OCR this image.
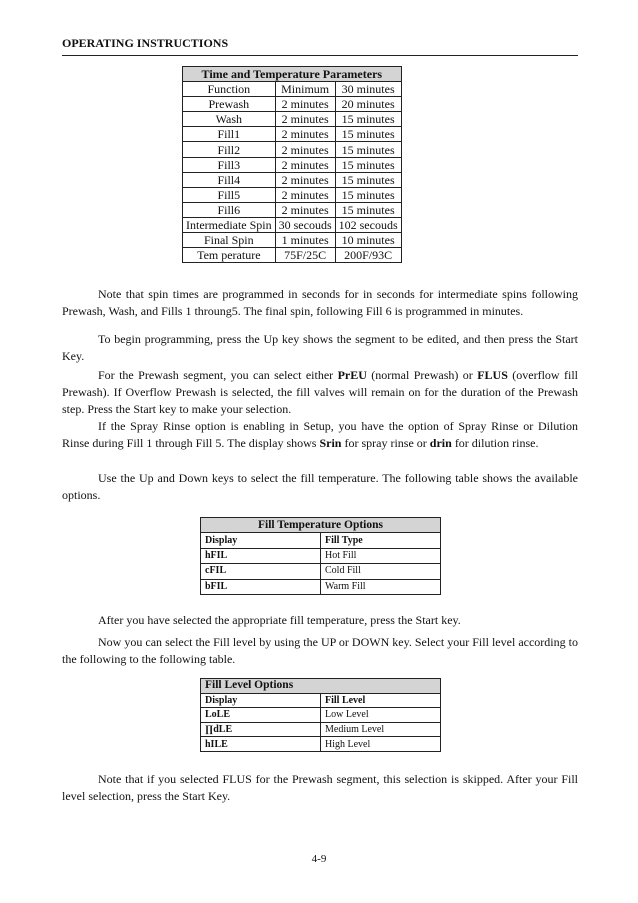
OPERATING INSTRUCTIONS
Time and Temperature Parameters		
Function	Minimum	30 minutes
Prewash	2 minutes	20 minutes
Wash	2 minutes	15 minutes
Fill1	2 minutes	15 minutes
Fill2	2 minutes	15 minutes
Fill3	2 minutes	15 minutes
Fill4	2 minutes	15 minutes
Fill5	2 minutes	15 minutes
Fill6	2 minutes	15 minutes
Intermediate Spin	30 secouds	102 secouds
Final Spin	1 minutes	10 minutes
Tem perature	75F/25C	200F/93C

Note that spin times are programmed in seconds for in seconds for intermediate spins following Prewash, Wash, and Fills 1 throung5. The final spin, following Fill 6 is programmed in minutes.

To begin programming, press the Up key shows the segment to be edited, and then press the Start Key.

For the Prewash segment, you can select either PrEU (normal Prewash) or FLUS (overflow fill Prewash). If Overflow Prewash is selected, the fill valves will remain on for the duration of the Prewash step. Press the Start key to make your selection.

If the Spray Rinse option is enabling in Setup, you have the option of Spray Rinse or Dilution Rinse during Fill 1 through Fill 5. The display shows Srin for spray rinse or drin for dilution rinse.

Use the Up and Down keys to select the fill temperature. The following table shows the available options.

Fill Temperature Options	
Display	Fill Type
hFIL	Hot Fill
cFIL	Cold Fill
bFIL	Warm Fill

After you have selected the appropriate fill temperature, press the Start key.

Now you can select the Fill level by using the UP or DOWN key. Select your Fill level according to the following to the following table.

Fill Level Options	
Display	Fill Level
LoLE	Low Level
∏dLE	Medium Level
hILE	High Level

Note that if you selected FLUS for the Prewash segment, this selection is skipped. After your Fill level selection, press the Start Key.

4-9
